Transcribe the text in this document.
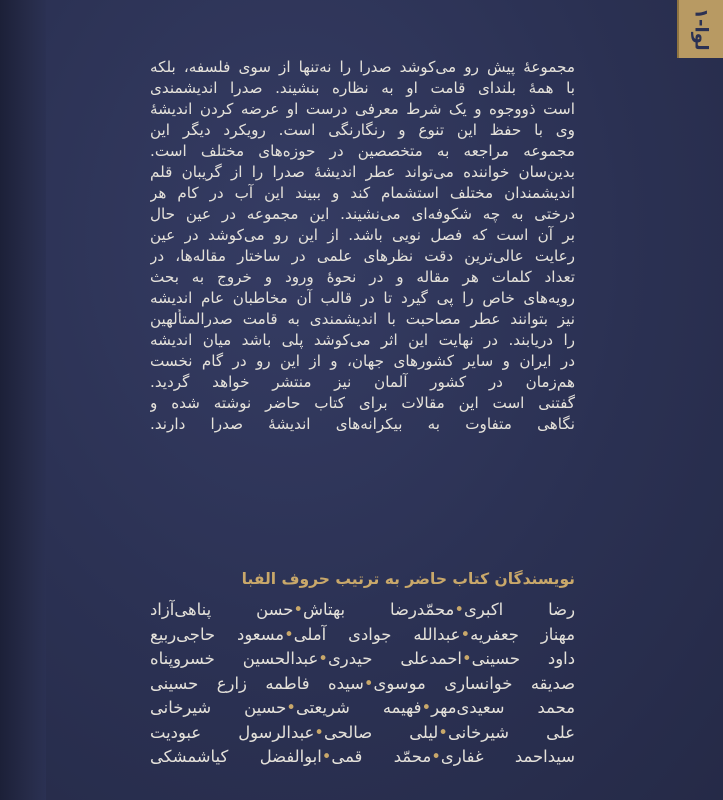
۱-لوا
مجموعهٔ پیش رو می‌کوشد صدرا را نه‌تنها از سوی فلسفه، بلکه
با همهٔ بلندای قامت او به نظاره بنشیند. صدرا اندیشمندی
است ذووجوه و یک شرط معرفی درست او عرضه کردن اندیشهٔ
وی با حفظ این تنوع و رنگارنگی است. رویکرد دیگر این
مجموعه مراجعه به متخصصین در حوزه‌های مختلف است.
بدین‌سان خواننده می‌تواند عطر اندیشهٔ صدرا را از گریبان قلم
اندیشمندان مختلف استشمام کند و ببیند این آب در کام هر
درختی به چه شکوفه‌ای می‌نشیند. این مجموعه در عین حال
بر آن است که فصل نویی باشد. از این رو می‌کوشد در عین
رعایت عالی‌ترین دقت نظرهای علمی در ساختار مقاله‌ها، در
تعداد کلمات هر مقاله و در نحوهٔ ورود و خروج به بحث
رویه‌های خاص را پی گیرد تا در قالب آن مخاطبان عام اندیشه
نیز بتوانند عطر مصاحبت با اندیشمندی به قامت صدرالمتألهین
را دریابند. در نهایت این اثر می‌کوشد پلی باشد میان اندیشه
در ایران و سایر کشورهای جهان، و از این رو در گام نخست
هم‌زمان در کشور آلمان نیز منتشر خواهد گردید.
گفتنی است این مقالات برای کتاب حاضر نوشته شده و
نگاهی متفاوت به بیکرانه‌های اندیشهٔ صدرا دارند.
نویسندگان کتاب حاضر به ترتیب حروف الفبا
رضا اکبری•محمّدرضا بهتاش•حسن پناهی‌آزاد
مهناز جعفریه•عبدالله جوادی آملی•مسعود حاجی‌ربیع
داود حسینی•احمدعلی حیدری•عبدالحسین خسروپناه
صدیقه خوانساری موسوی•سیده فاطمه زارع حسینی
محمد سعیدی‌مهر•فهیمه شریعتی•حسین شیرخانی
علی شیرخانی•لیلی صالحی•عبدالرسول عبودیت
سیداحمد غفاری•محمّد قمی•ابوالفضل کیاشمشکی
